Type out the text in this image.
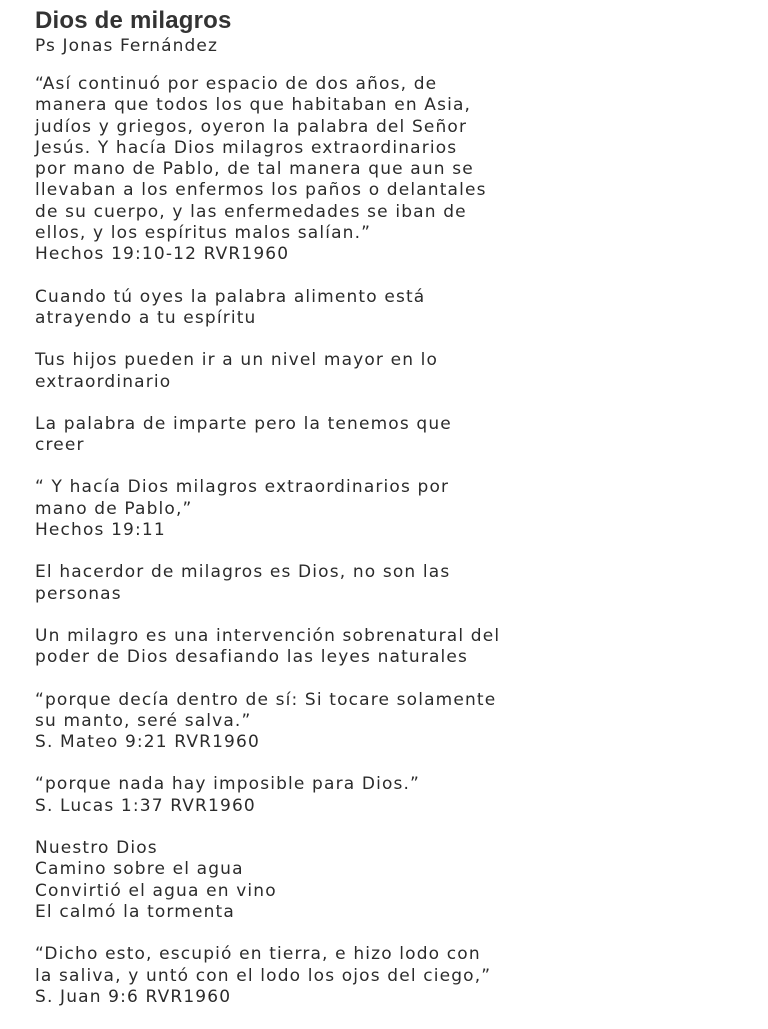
Dios de milagros
Ps Jonas Fernández
“Así continuó por espacio de dos años, de
manera que todos los que habitaban en Asia,
judíos y griegos, oyeron la palabra del Señor
Jesús. Y hacía Dios milagros extraordinarios
por mano de Pablo, de tal manera que aun se
llevaban a los enfermos los paños o delantales
de su cuerpo, y las enfermedades se iban de
ellos, y los espíritus malos salían.”
Hechos 19:10-12 RVR1960
Cuando tú oyes la palabra alimento está
atrayendo a tu espíritu
Tus hijos pueden ir a un nivel mayor en lo
extraordinario
La palabra de imparte pero la tenemos que
creer
“ Y hacía Dios milagros extraordinarios por
mano de Pablo,”
Hechos 19:11
El hacerdor de milagros es Dios, no son las
personas
Un milagro es una intervención sobrenatural del
poder de Dios desafiando las leyes naturales
“porque decía dentro de sí: Si tocare solamente
su manto, seré salva.”
S. Mateo 9:21 RVR1960
“porque nada hay imposible para Dios.”
S. Lucas 1:37 RVR1960
Nuestro Dios
Camino sobre el agua
Convirtió el agua en vino
El calmó la tormenta
“Dicho esto, escupió en tierra, e hizo lodo con
la saliva, y untó con el lodo los ojos del ciego,”
S. Juan 9:6 RVR1960
